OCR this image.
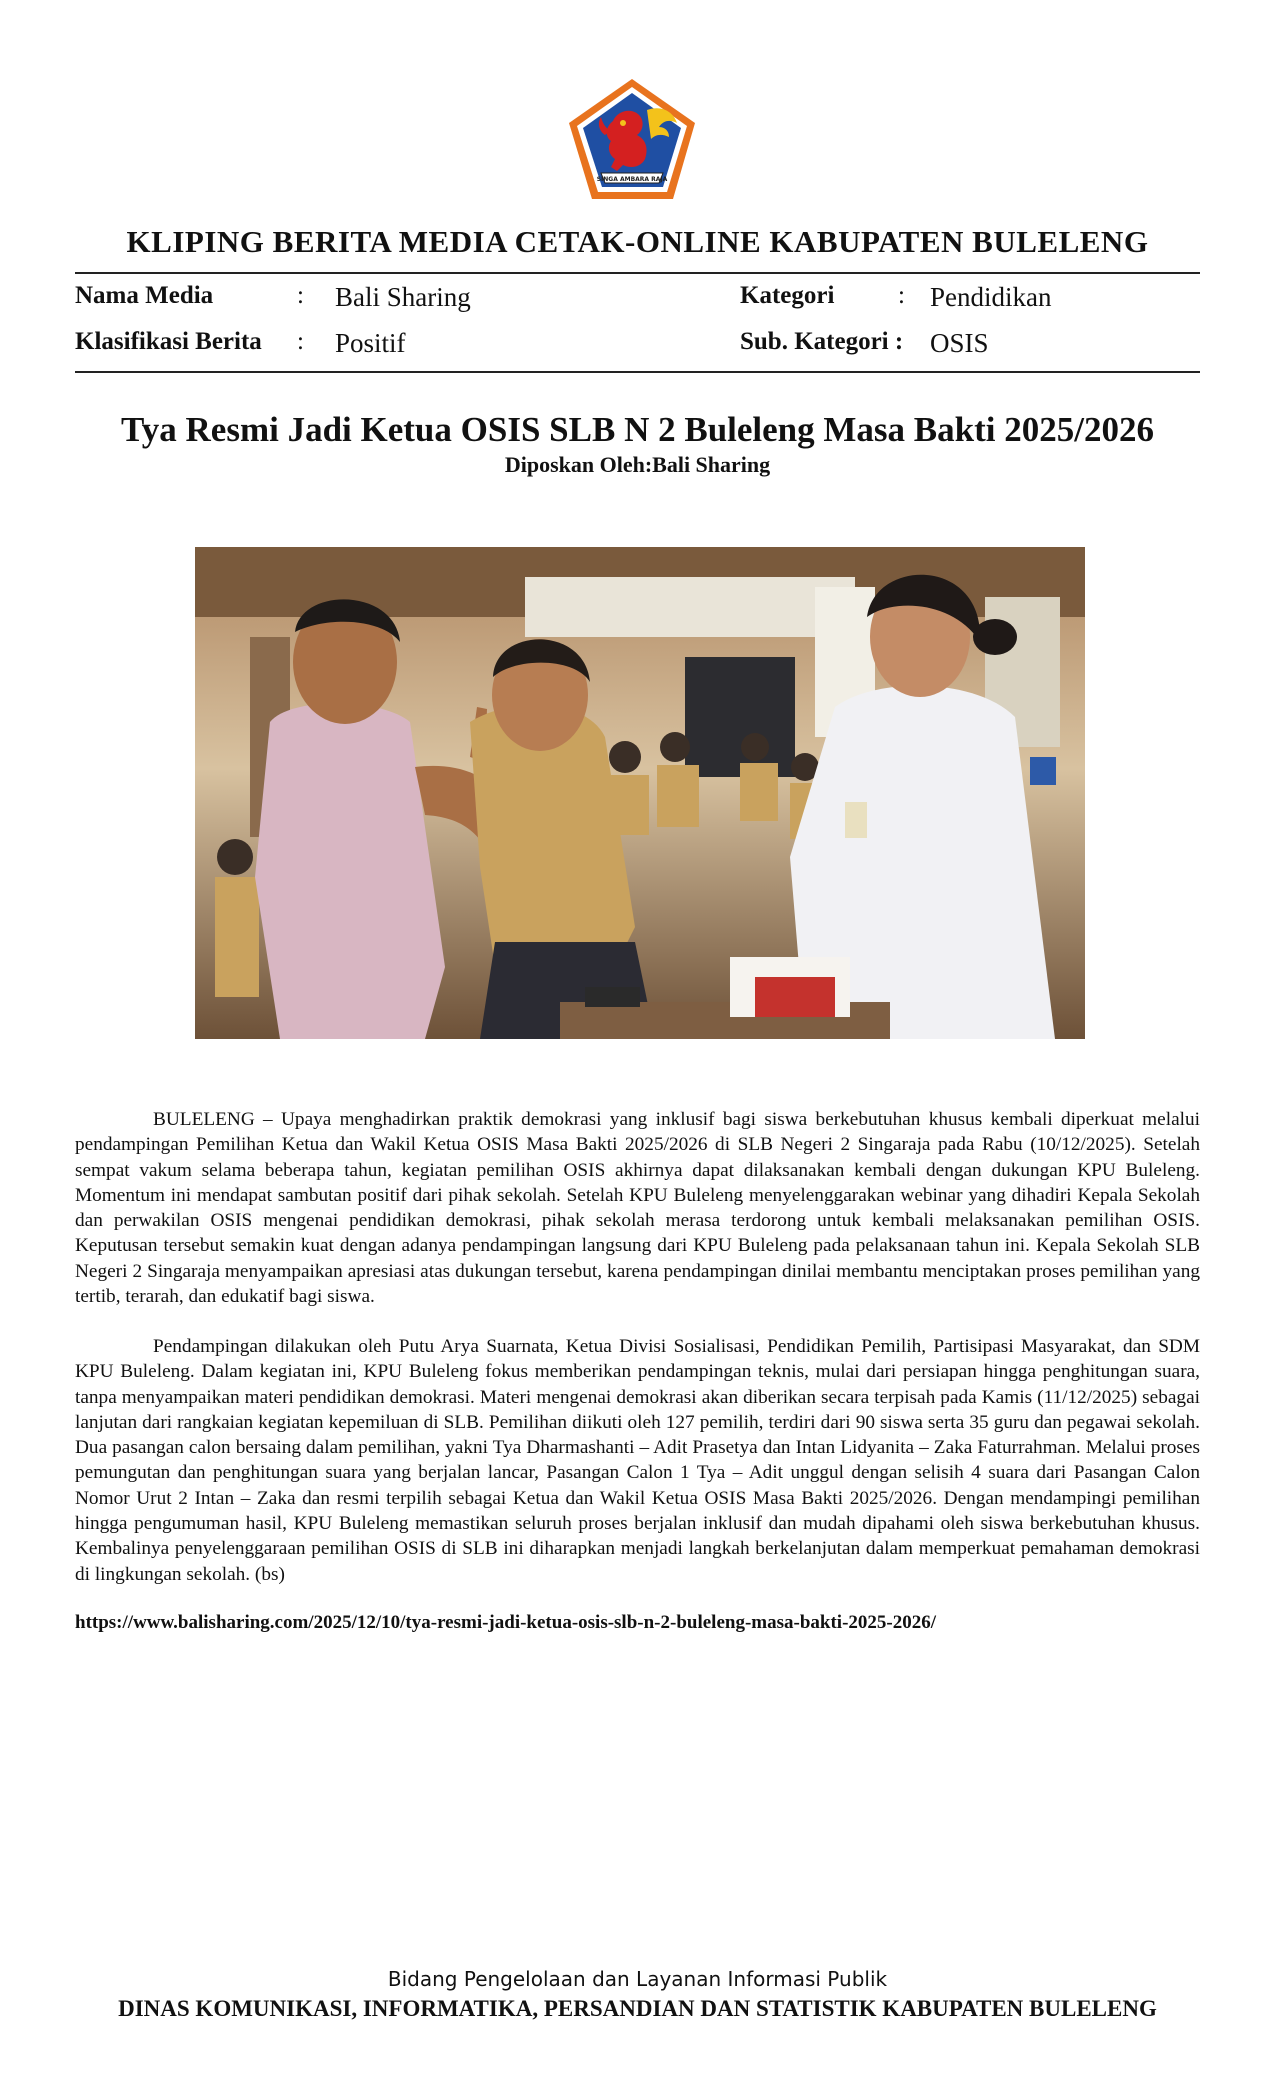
SINGA AMBARA RAJA
KLIPING BERITA MEDIA CETAK-ONLINE KABUPATEN BULELENG
Nama Media	: Bali Sharing	Kategori	: Pendidikan
Klasifikasi Berita : Positif	Sub. Kategori : OSIS
Tya Resmi Jadi Ketua OSIS SLB N 2 Buleleng Masa Bakti 2025/2026
Diposkan Oleh:Bali Sharing

BULELENG – Upaya menghadirkan praktik demokrasi yang inklusif bagi siswa berkebutuhan khusus kembali diperkuat melalui pendampingan Pemilihan Ketua dan Wakil Ketua OSIS Masa Bakti 2025/2026 di SLB Negeri 2 Singaraja pada Rabu (10/12/2025). Setelah sempat vakum selama beberapa tahun, kegiatan pemilihan OSIS akhirnya dapat dilaksanakan kembali dengan dukungan KPU Buleleng. Momentum ini mendapat sambutan positif dari pihak sekolah. Setelah KPU Buleleng menyelenggarakan webinar yang dihadiri Kepala Sekolah dan perwakilan OSIS mengenai pendidikan demokrasi, pihak sekolah merasa terdorong untuk kembali melaksanakan pemilihan OSIS. Keputusan tersebut semakin kuat dengan adanya pendampingan langsung dari KPU Buleleng pada pelaksanaan tahun ini. Kepala Sekolah SLB Negeri 2 Singaraja menyampaikan apresiasi atas dukungan tersebut, karena pendampingan dinilai membantu menciptakan proses pemilihan yang tertib, terarah, dan edukatif bagi siswa.

Pendampingan dilakukan oleh Putu Arya Suarnata, Ketua Divisi Sosialisasi, Pendidikan Pemilih, Partisipasi Masyarakat, dan SDM KPU Buleleng. Dalam kegiatan ini, KPU Buleleng fokus memberikan pendampingan teknis, mulai dari persiapan hingga penghitungan suara, tanpa menyampaikan materi pendidikan demokrasi. Materi mengenai demokrasi akan diberikan secara terpisah pada Kamis (11/12/2025) sebagai lanjutan dari rangkaian kegiatan kepemiluan di SLB. Pemilihan diikuti oleh 127 pemilih, terdiri dari 90 siswa serta 35 guru dan pegawai sekolah. Dua pasangan calon bersaing dalam pemilihan, yakni Tya Dharmashanti – Adit Prasetya dan Intan Lidyanita – Zaka Faturrahman. Melalui proses pemungutan dan penghitungan suara yang berjalan lancar, Pasangan Calon 1 Tya – Adit unggul dengan selisih 4 suara dari Pasangan Calon Nomor Urut 2 Intan – Zaka dan resmi terpilih sebagai Ketua dan Wakil Ketua OSIS Masa Bakti 2025/2026. Dengan mendampingi pemilihan hingga pengumuman hasil, KPU Buleleng memastikan seluruh proses berjalan inklusif dan mudah dipahami oleh siswa berkebutuhan khusus. Kembalinya penyelenggaraan pemilihan OSIS di SLB ini diharapkan menjadi langkah berkelanjutan dalam memperkuat pemahaman demokrasi di lingkungan sekolah. (bs)

https://www.balisharing.com/2025/12/10/tya-resmi-jadi-ketua-osis-slb-n-2-buleleng-masa-bakti-2025-2026/
Bidang Pengelolaan dan Layanan Informasi Publik
DINAS KOMUNIKASI, INFORMATIKA, PERSANDIAN DAN STATISTIK KABUPATEN BULELENG
